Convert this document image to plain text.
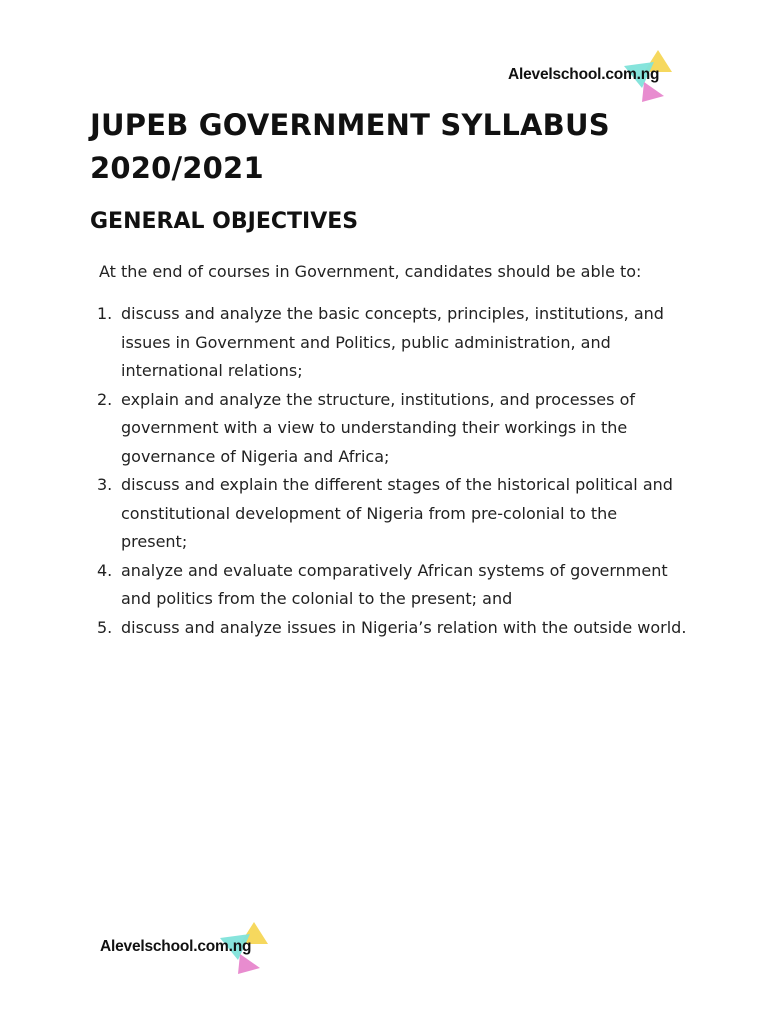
Alevelschool.com.ng
JUPEB GOVERNMENT SYLLABUS 2020/2021
GENERAL OBJECTIVES

At the end of courses in Government, candidates should be able to:

1. discuss and analyze the basic concepts, principles, institutions, and issues in Government and Politics, public administration, and international relations;
2. explain and analyze the structure, institutions, and processes of government with a view to understanding their workings in the governance of Nigeria and Africa;
3. discuss and explain the different stages of the historical political and constitutional development of Nigeria from pre-colonial to the present;
4. analyze and evaluate comparatively African systems of government and politics from the colonial to the present; and
5. discuss and analyze issues in Nigeria’s relation with the outside world.
Alevelschool.com.ng
